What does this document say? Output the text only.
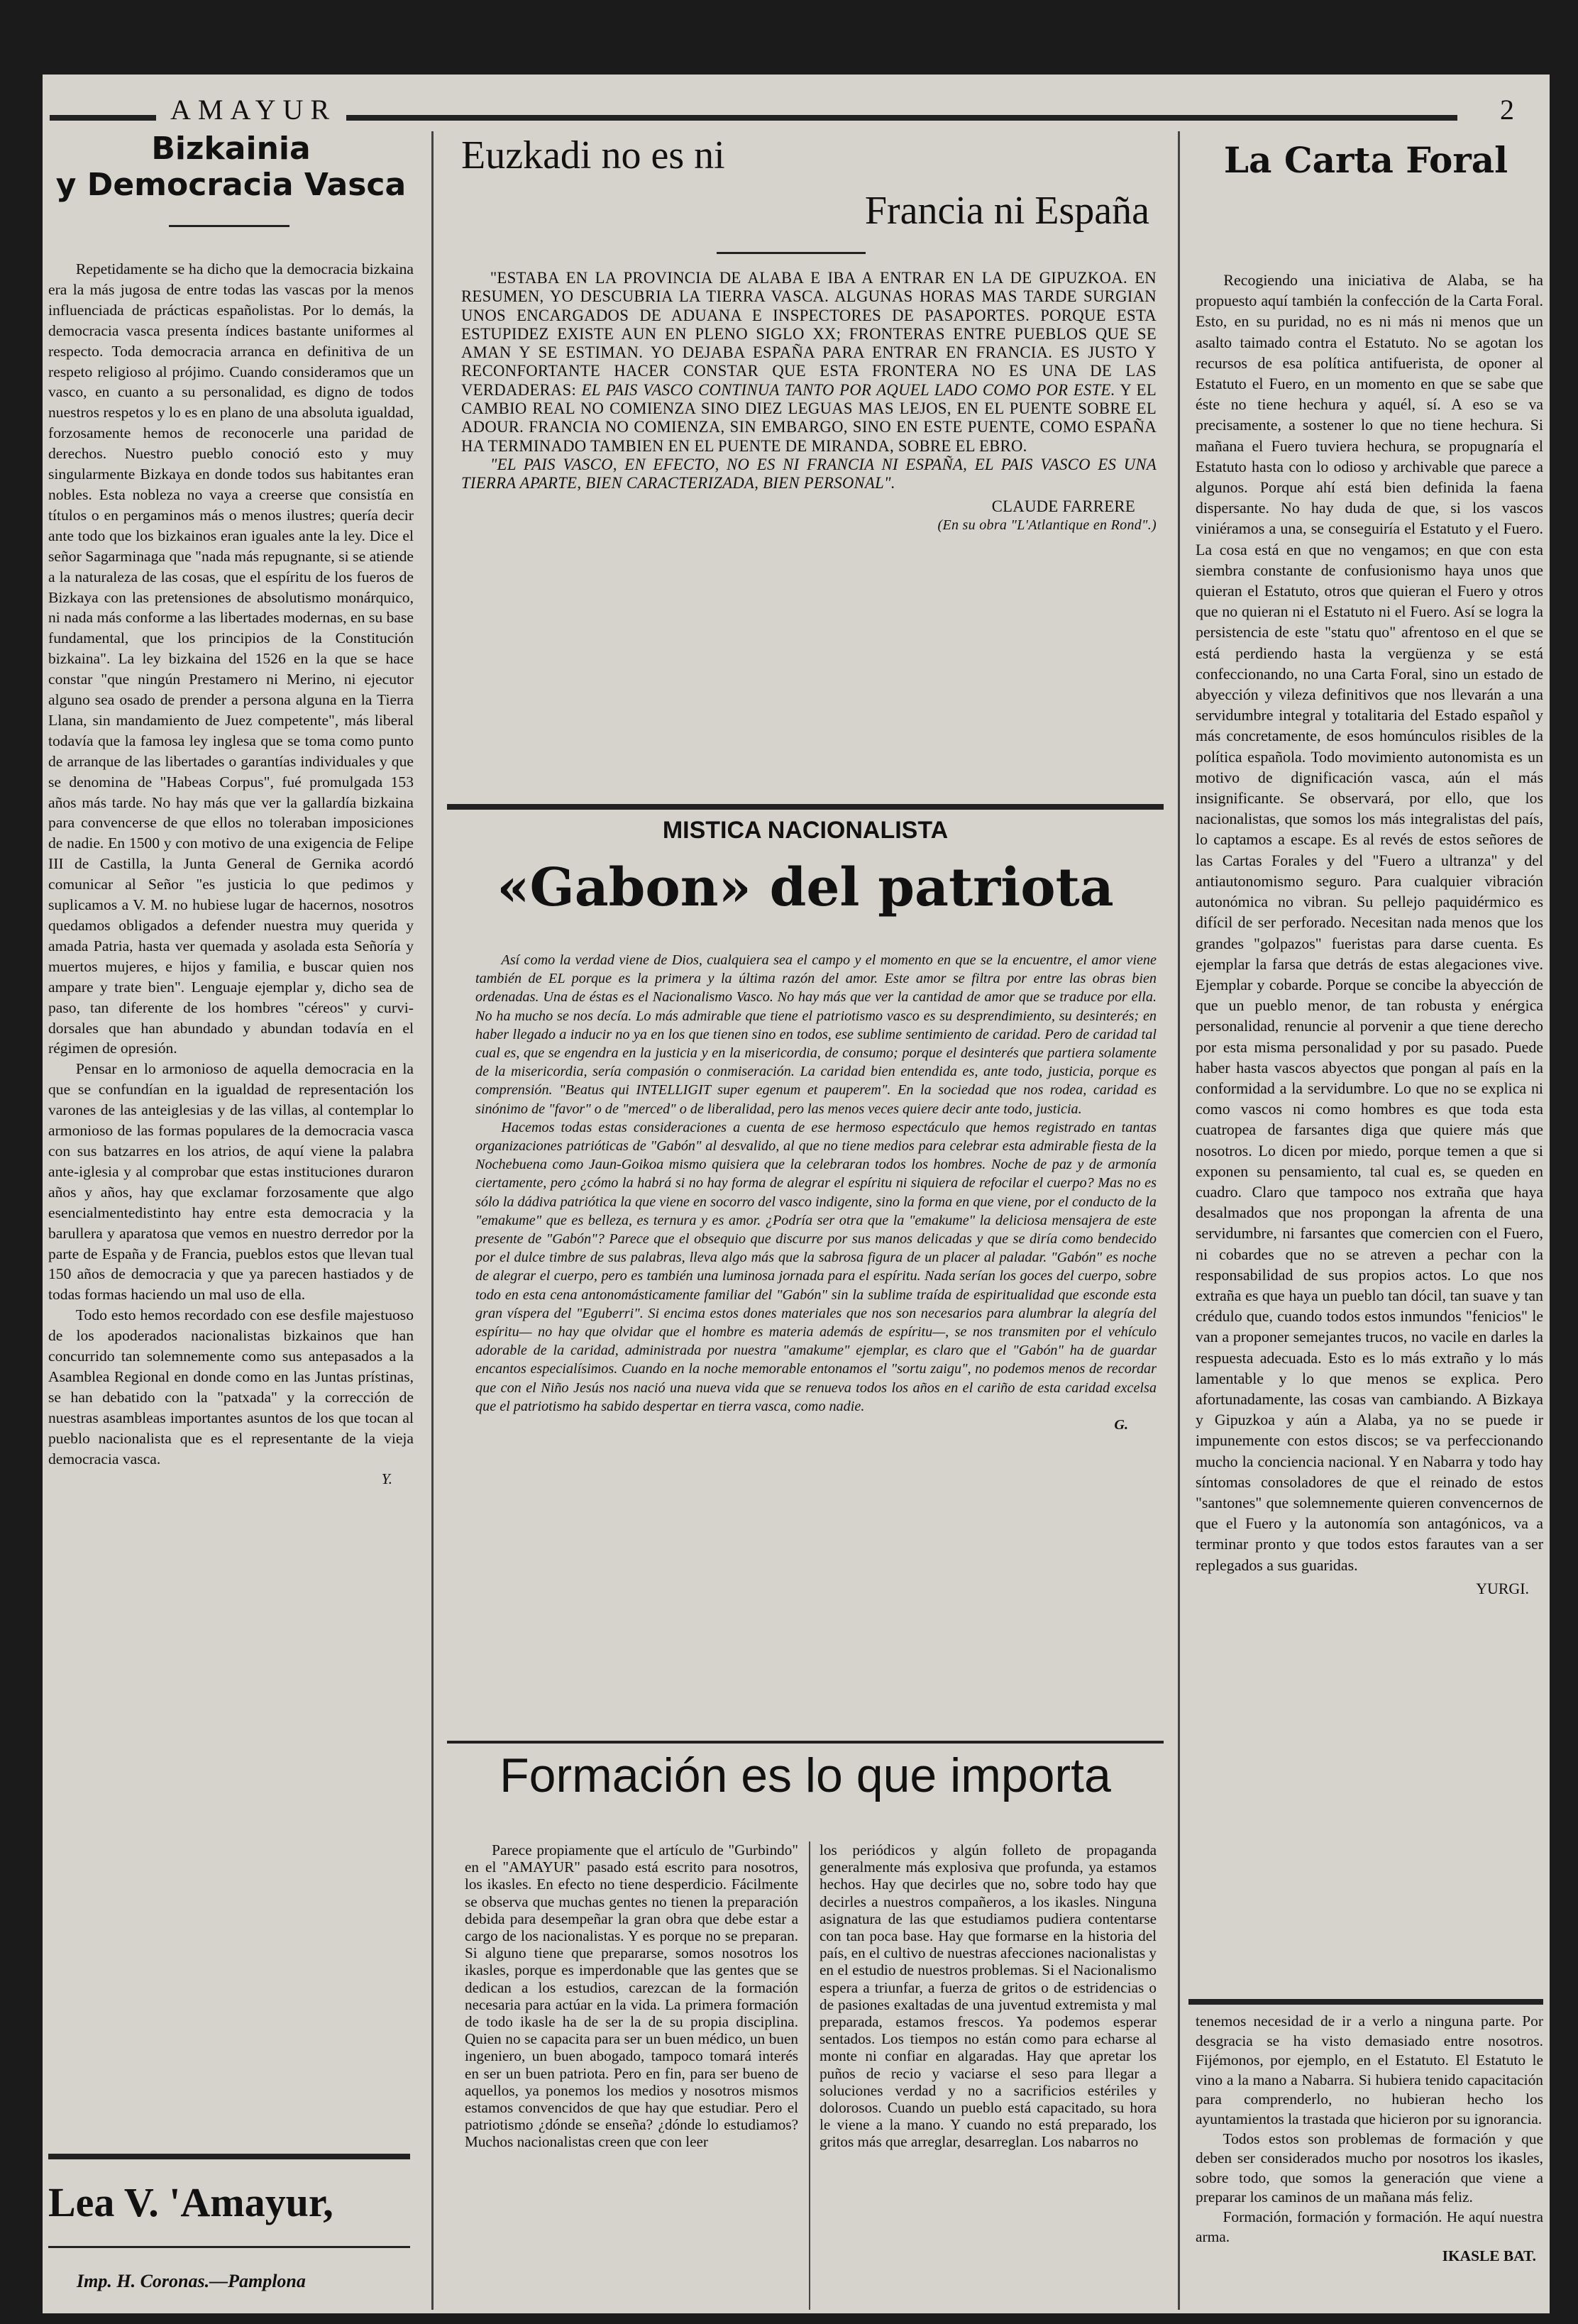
AMAYUR	2
Bizkainia
y Democracia Vasca

Repetidamente se ha dicho que la democracia bizkaina era la más jugosa de entre todas las vascas por la menos influenciada de prácticas españolistas. Por lo demás, la democracia vasca presenta índices bastante uniformes al respecto. Toda democracia arranca en definitiva de un respeto religioso al prójimo. Cuando consideramos que un vasco, en cuanto a su personalidad, es digno de todos nuestros respetos y lo es en plano de una absoluta igualdad, forzosamente hemos de reconocerle una paridad de derechos. Nuestro pueblo conoció esto y muy singularmente Bizkaya en donde todos sus habitantes eran nobles. Esta nobleza no vaya a creerse que consistía en títulos o en pergaminos más o menos ilustres; quería decir ante todo que los bizkainos eran iguales ante la ley. Dice el señor Sagarminaga que "nada más repugnante, si se atiende a la naturaleza de las cosas, que el espíritu de los fueros de Bizkaya con las pretensiones de absolutismo monárquico, ni nada más conforme a las libertades modernas, en su base fundamental, que los principios de la Constitución bizkaina". La ley bizkaina del 1526 en la que se hace constar "que ningún Prestamero ni Merino, ni ejecutor alguno sea osado de prender a persona alguna en la Tierra Llana, sin mandamiento de Juez competente", más liberal todavía que la famosa ley inglesa que se toma como punto de arranque de las libertades o garantías individuales y que se denomina de "Habeas Corpus", fué promulgada 153 años más tarde. No hay más que ver la gallardía bizkaina para convencerse de que ellos no toleraban imposiciones de nadie. En 1500 y con motivo de una exigencia de Felipe III de Castilla, la Junta General de Gernika acordó comunicar al Señor "es justicia lo que pedimos y suplicamos a V. M. no hubiese lugar de hacernos, nosotros quedamos obligados a defender nuestra muy querida y amada Patria, hasta ver quemada y asolada esta Señoría y muertos mujeres, e hijos y familia, e buscar quien nos ampare y trate bien". Lenguaje ejemplar y, dicho sea de paso, tan diferente de los hombres "céreos" y curvi-dorsales que han abundado y abundan todavía en el régimen de opresión.

Pensar en lo armonioso de aquella democracia en la que se confundían en la igualdad de representación los varones de las anteiglesias y de las villas, al contemplar lo armonioso de las formas populares de la democracia vasca con sus batzarres en los atrios, de aquí viene la palabra ante-iglesia y al comprobar que estas instituciones duraron años y años, hay que exclamar forzosamente que algo esencialmentedistinto hay entre esta democracia y la barullera y aparatosa que vemos en nuestro derredor por la parte de España y de Francia, pueblos estos que llevan tual 150 años de democracia y que ya parecen hastiados y de todas formas haciendo un mal uso de ella.

Todo esto hemos recordado con ese desfile majestuoso de los apoderados nacionalistas bizkainos que han concurrido tan solemnemente como sus antepasados a la Asamblea Regional en donde como en las Juntas prístinas, se han debatido con la "patxada" y la corrección de nuestras asambleas importantes asuntos de los que tocan al pueblo nacionalista que es el representante de la vieja democracia vasca.

Y.

Lea V. 'Amayur,
Imp. H. Coronas.—Pamplona
Euzkadi no es ni
Francia ni España

"ESTABA EN LA PROVINCIA DE ALABA E IBA A ENTRAR EN LA DE GIPUZKOA. EN RESUMEN, YO DESCUBRIA LA TIERRA VASCA. ALGUNAS HORAS MAS TARDE SURGIAN UNOS ENCARGADOS DE ADUANA E INSPECTORES DE PASAPORTES. PORQUE ESTA ESTUPIDEZ EXISTE AUN EN PLENO SIGLO XX; FRONTERAS ENTRE PUEBLOS QUE SE AMAN Y SE ESTIMAN. YO DEJABA ESPAÑA PARA ENTRAR EN FRANCIA. ES JUSTO Y RECONFORTANTE HACER CONSTAR QUE ESTA FRONTERA NO ES UNA DE LAS VERDADERAS: EL PAIS VASCO CONTINUA TANTO POR AQUEL LADO COMO POR ESTE. Y EL CAMBIO REAL NO COMIENZA SINO DIEZ LEGUAS MAS LEJOS, EN EL PUENTE SOBRE EL ADOUR. FRANCIA NO COMIENZA, SIN EMBARGO, SINO EN ESTE PUENTE, COMO ESPAÑA HA TERMINADO TAMBIEN EN EL PUENTE DE MIRANDA, SOBRE EL EBRO.

"EL PAIS VASCO, EN EFECTO, NO ES NI FRANCIA NI ESPAÑA, EL PAIS VASCO ES UNA TIERRA APARTE, BIEN CARACTERIZADA, BIEN PERSONAL".

CLAUDE FARRERE

(En su obra "L'Atlantique en Rond".)

MISTICA NACIONALISTA
«Gabon» del patriota

Así como la verdad viene de Dios, cualquiera sea el campo y el momento en que se la encuentre, el amor viene también de EL porque es la primera y la última razón del amor. Este amor se filtra por entre las obras bien ordenadas. Una de éstas es el Nacionalismo Vasco. No hay más que ver la cantidad de amor que se traduce por ella. No ha mucho se nos decía. Lo más admirable que tiene el patriotismo vasco es su desprendimiento, su desinterés; en haber llegado a inducir no ya en los que tienen sino en todos, ese sublime sentimiento de caridad. Pero de caridad tal cual es, que se engendra en la justicia y en la misericordia, de consumo; porque el desinterés que partiera solamente de la misericordia, sería compasión o conmiseración. La caridad bien entendida es, ante todo, justicia, porque es comprensión. "Beatus qui INTELLIGIT super egenum et pauperem". En la sociedad que nos rodea, caridad es sinónimo de "favor" o de "merced" o de liberalidad, pero las menos veces quiere decir ante todo, justicia.

Hacemos todas estas consideraciones a cuenta de ese hermoso espectáculo que hemos registrado en tantas organizaciones patrióticas de "Gabón" al desvalido, al que no tiene medios para celebrar esta admirable fiesta de la Nochebuena como Jaun-Goikoa mismo quisiera que la celebraran todos los hombres. Noche de paz y de armonía ciertamente, pero ¿cómo la habrá si no hay forma de alegrar el espíritu ni siquiera de refocilar el cuerpo? Mas no es sólo la dádiva patriótica la que viene en socorro del vasco indigente, sino la forma en que viene, por el conducto de la "emakume" que es belleza, es ternura y es amor. ¿Podría ser otra que la "emakume" la deliciosa mensajera de este presente de "Gabón"? Parece que el obsequio que discurre por sus manos delicadas y que se diría como bendecido por el dulce timbre de sus palabras, lleva algo más que la sabrosa figura de un placer al paladar. "Gabón" es noche de alegrar el cuerpo, pero es también una luminosa jornada para el espíritu. Nada serían los goces del cuerpo, sobre todo en esta cena antonomásticamente familiar del "Gabón" sin la sublime traída de espiritualidad que esconde esta gran víspera del "Eguberri". Si encima estos dones materiales que nos son necesarios para alumbrar la alegría del espíritu— no hay que olvidar que el hombre es materia además de espíritu—, se nos transmiten por el vehículo adorable de la caridad, administrada por nuestra "amakume" ejemplar, es claro que el "Gabón" ha de guardar encantos especialísimos. Cuando en la noche memorable entonamos el "sortu zaigu", no podemos menos de recordar que con el Niño Jesús nos nació una nueva vida que se renueva todos los años en el cariño de esta caridad excelsa que el patriotismo ha sabido despertar en tierra vasca, como nadie.

G.

Formación es lo que importa

Parece propiamente que el artículo de "Gurbindo" en el "AMAYUR" pasado está escrito para nosotros, los ikasles. En efecto no tiene desperdicio. Fácilmente se observa que muchas gentes no tienen la preparación debida para desempeñar la gran obra que debe estar a cargo de los nacionalistas. Y es porque no se preparan. Si alguno tiene que prepararse, somos nosotros los ikasles, porque es imperdonable que las gentes que se dedican a los estudios, carezcan de la formación necesaria para actúar en la vida. La primera formación de todo ikasle ha de ser la de su propia disciplina. Quien no se capacita para ser un buen médico, un buen ingeniero, un buen abogado, tampoco tomará interés en ser un buen patriota. Pero en fin, para ser bueno de aquellos, ya ponemos los medios y nosotros mismos estamos convencidos de que hay que estudiar. Pero el patriotismo ¿dónde se enseña? ¿dónde lo estudiamos? Muchos nacionalistas creen que con leer

los periódicos y algún folleto de propaganda generalmente más explosiva que profunda, ya estamos hechos. Hay que decirles que no, sobre todo hay que decirles a nuestros compañeros, a los ikasles. Ninguna asignatura de las que estudiamos pudiera contentarse con tan poca base. Hay que formarse en la historia del país, en el cultivo de nuestras afecciones nacionalistas y en el estudio de nuestros problemas. Si el Nacionalismo espera a triunfar, a fuerza de gritos o de estridencias o de pasiones exaltadas de una juventud extremista y mal preparada, estamos frescos. Ya podemos esperar sentados. Los tiempos no están como para echarse al monte ni confiar en algaradas. Hay que apretar los puños de recio y vaciarse el seso para llegar a soluciones verdad y no a sacrificios estériles y dolorosos. Cuando un pueblo está capacitado, su hora le viene a la mano. Y cuando no está preparado, los gritos más que arreglar, desarreglan. Los nabarros no

La Carta Foral

Recogiendo una iniciativa de Alaba, se ha propuesto aquí también la confección de la Carta Foral. Esto, en su puridad, no es ni más ni menos que un asalto taimado contra el Estatuto. No se agotan los recursos de esa política antifuerista, de oponer al Estatuto el Fuero, en un momento en que se sabe que éste no tiene hechura y aquél, sí. A eso se va precisamente, a sostener lo que no tiene hechura. Si mañana el Fuero tuviera hechura, se propugnaría el Estatuto hasta con lo odioso y archivable que parece a algunos. Porque ahí está bien definida la faena dispersante. No hay duda de que, si los vascos viniéramos a una, se conseguiría el Estatuto y el Fuero. La cosa está en que no vengamos; en que con esta siembra constante de confusionismo haya unos que quieran el Estatuto, otros que quieran el Fuero y otros que no quieran ni el Estatuto ni el Fuero. Así se logra la persistencia de este "statu quo" afrentoso en el que se está perdiendo hasta la vergüenza y se está confeccionando, no una Carta Foral, sino un estado de abyección y vileza definitivos que nos llevarán a una servidumbre integral y totalitaria del Estado español y más concretamente, de esos homúnculos risibles de la política española. Todo movimiento autonomista es un motivo de dignificación vasca, aún el más insignificante. Se observará, por ello, que los nacionalistas, que somos los más integralistas del país, lo captamos a escape. Es al revés de estos señores de las Cartas Forales y del "Fuero a ultranza" y del antiautonomismo seguro. Para cualquier vibración autonómica no vibran. Su pellejo paquidérmico es difícil de ser perforado. Necesitan nada menos que los grandes "golpazos" fueristas para darse cuenta. Es ejemplar la farsa que detrás de estas alegaciones vive. Ejemplar y cobarde. Porque se concibe la abyección de que un pueblo menor, de tan robusta y enérgica personalidad, renuncie al porvenir a que tiene derecho por esta misma personalidad y por su pasado. Puede haber hasta vascos abyectos que pongan al país en la conformidad a la servidumbre. Lo que no se explica ni como vascos ni como hombres es que toda esta cuatropea de farsantes diga que quiere más que nosotros. Lo dicen por miedo, porque temen a que si exponen su pensamiento, tal cual es, se queden en cuadro. Claro que tampoco nos extraña que haya desalmados que nos propongan la afrenta de una servidumbre, ni farsantes que comercien con el Fuero, ni cobardes que no se atreven a pechar con la responsabilidad de sus propios actos. Lo que nos extraña es que haya un pueblo tan dócil, tan suave y tan crédulo que, cuando todos estos inmundos "fenicios" le van a proponer semejantes trucos, no vacile en darles la respuesta adecuada. Esto es lo más extraño y lo más lamentable y lo que menos se explica. Pero afortunadamente, las cosas van cambiando. A Bizkaya y Gipuzkoa y aún a Alaba, ya no se puede ir impunemente con estos discos; se va perfeccionando mucho la conciencia nacional. Y en Nabarra y todo hay síntomas consoladores de que el reinado de estos "santones" que solemnemente quieren convencernos de que el Fuero y la autonomía son antagónicos, va a terminar pronto y que todos estos farautes van a ser replegados a sus guaridas.

YURGI.

tenemos necesidad de ir a verlo a ninguna parte. Por desgracia se ha visto demasiado entre nosotros. Fijémonos, por ejemplo, en el Estatuto. El Estatuto le vino a la mano a Nabarra. Si hubiera tenido capacitación para comprenderlo, no hubieran hecho los ayuntamientos la trastada que hicieron por su ignorancia.

Todos estos son problemas de formación y que deben ser considerados mucho por nosotros los ikasles, sobre todo, que somos la generación que viene a preparar los caminos de un mañana más feliz.

Formación, formación y formación. He aquí nuestra arma.

IKASLE BAT.
